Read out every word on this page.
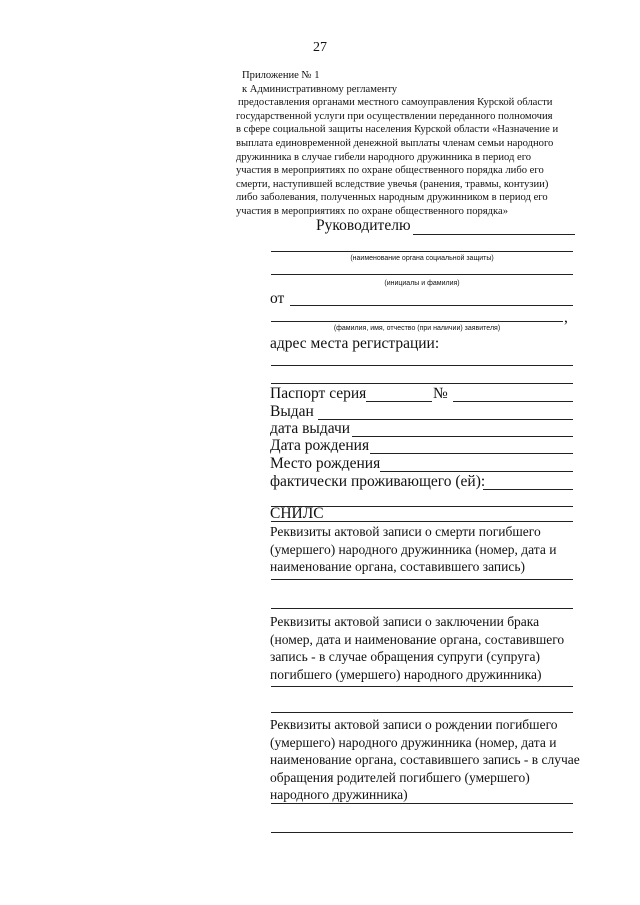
27
Приложение № 1
к Административному регламенту
предоставления органами местного самоуправления Курской области
государственной услуги при осуществлении переданного полномочия
в сфере социальной защиты населения Курской области «Назначение и
выплата единовременной денежной выплаты членам семьи народного
дружинника в случае гибели народного дружинника в период его
участия в мероприятиях по охране общественного порядка либо его
смерти, наступившей вследствие увечья (ранения, травмы, контузии)
либо заболевания, полученных народным дружинником в период его
участия в мероприятиях по охране общественного порядка»
Руководителю
(наименование органа социальной защиты)
(инициалы и фамилия)
от
,
(фамилия, имя, отчество (при наличии) заявителя)
адрес места регистрации:
Паспорт серия	№
Выдан
дата выдачи
Дата рождения
Место рождения
фактически проживающего (ей):
СНИЛС
Реквизиты актовой записи о смерти погибшего
(умершего) народного дружинника (номер, дата и
наименование органа, составившего запись)
Реквизиты актовой записи о заключении брака
(номер, дата и наименование органа, составившего
запись - в случае обращения супруги (супруга)
погибшего (умершего) народного дружинника)
Реквизиты актовой записи о рождении погибшего
(умершего) народного дружинника (номер, дата и
наименование органа, составившего запись - в случае
обращения родителей погибшего (умершего)
народного дружинника)
